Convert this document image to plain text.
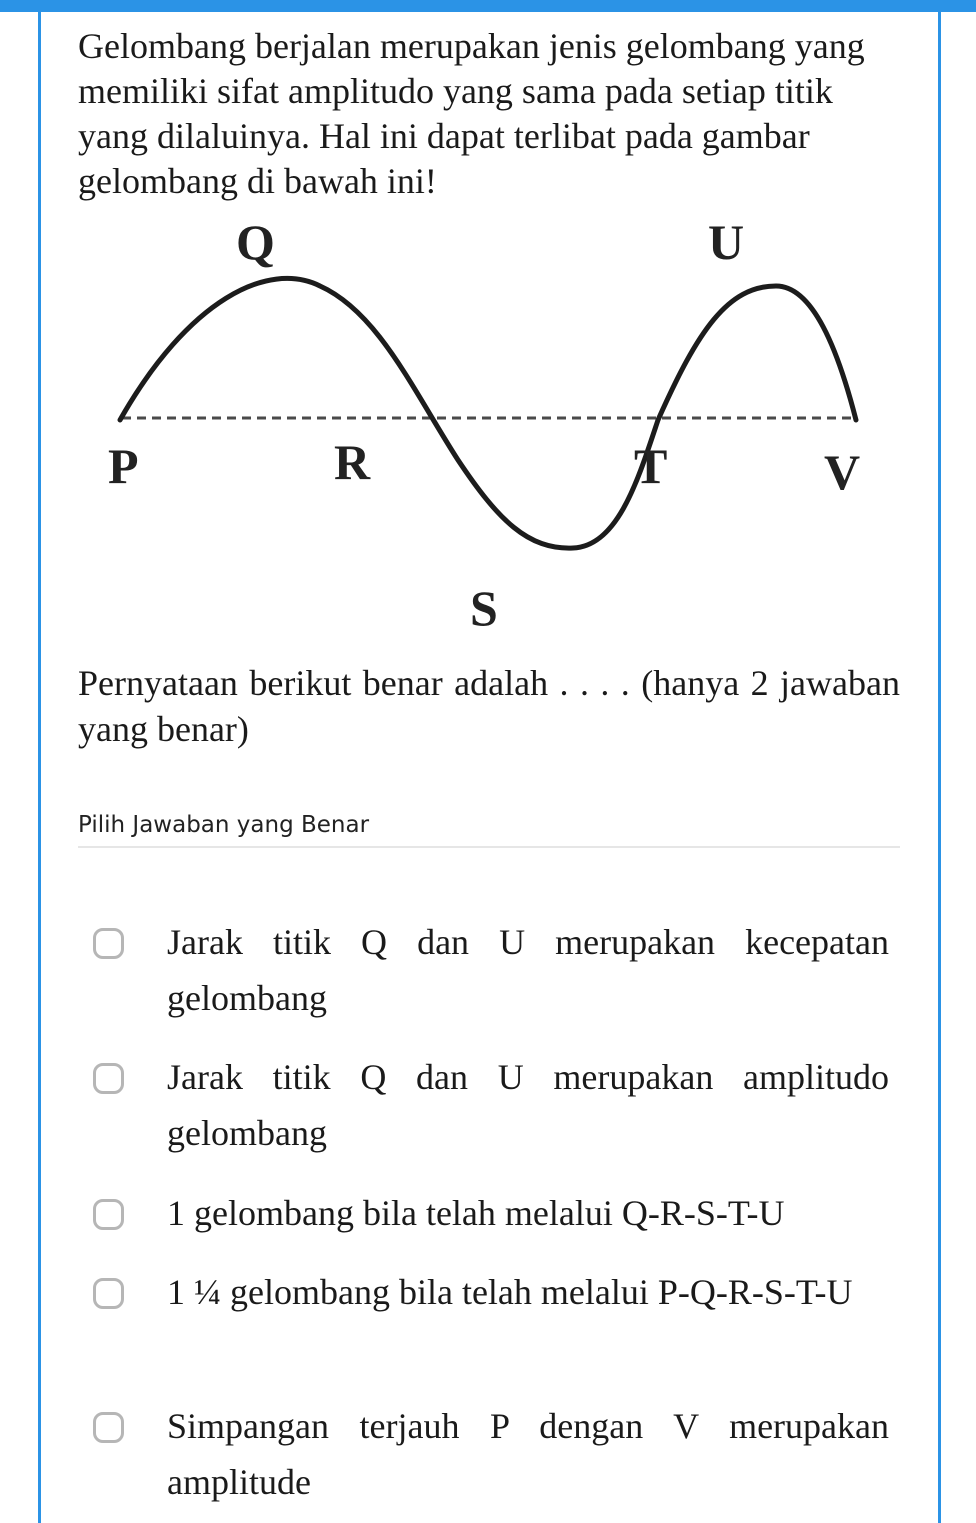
Gelombang berjalan merupakan jenis gelombang yang memiliki sifat amplitudo yang sama pada setiap titik yang dilaluinya. Hal ini dapat terlibat pada gambar gelombang di bawah ini!

Q	U
P	R	T	V
S

Pernyataan berikut benar adalah . . . . (hanya 2 jawaban yang benar)

Pilih Jawaban yang Benar
Jarak titik Q dan U merupakan kecepatan gelombang
Jarak titik Q dan U merupakan amplitudo gelombang
1 gelombang bila telah melalui Q-R-S-T-U
1 ¼ gelombang bila telah melalui P-Q-R-S-T-U
Simpangan terjauh P dengan V merupakan amplitude
